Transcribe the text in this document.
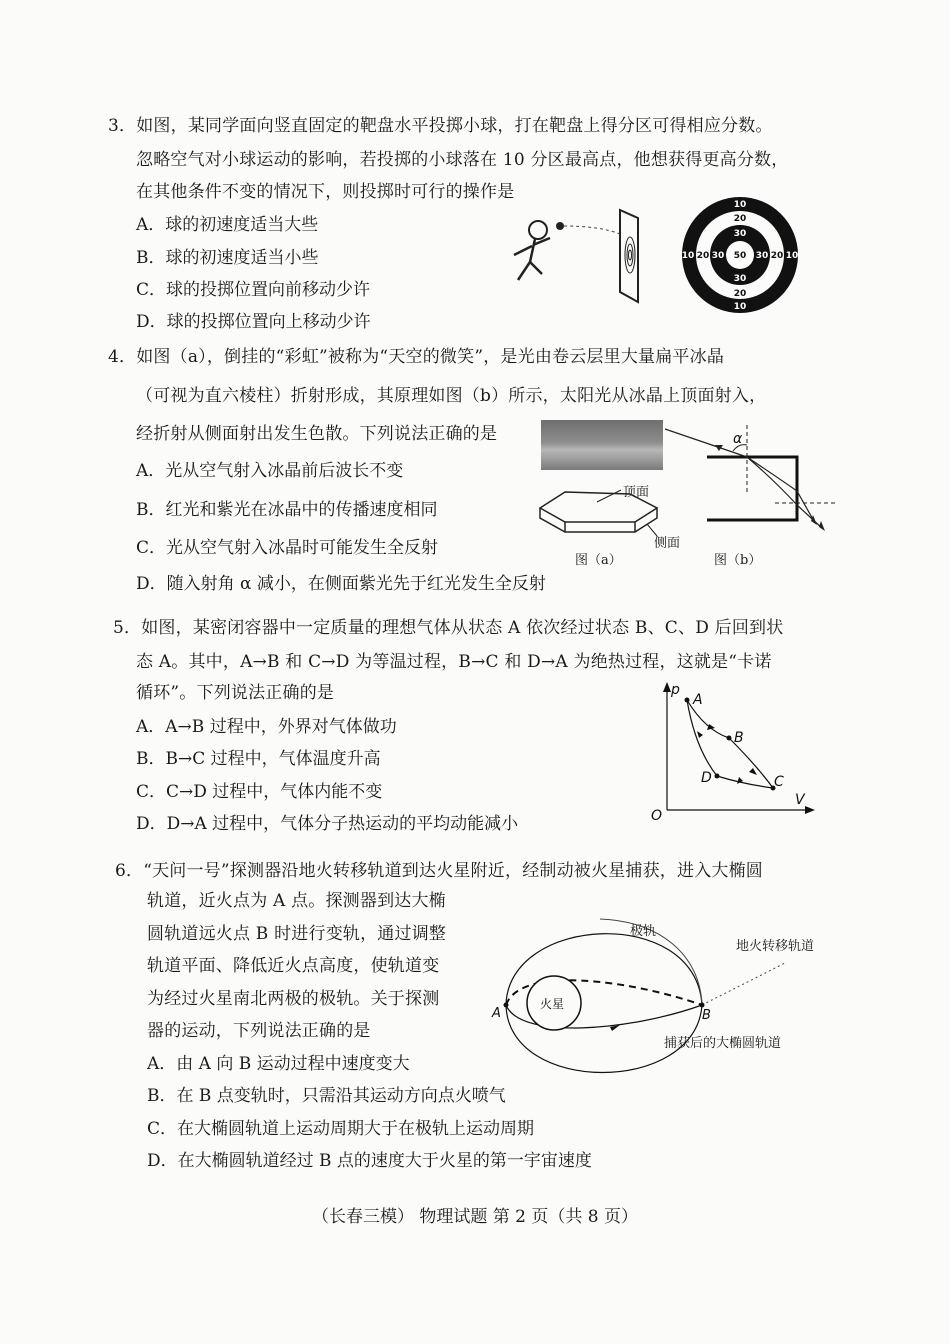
3．如图，某同学面向竖直固定的靶盘水平投掷小球，打在靶盘上得分区可得相应分数。
忽略空气对小球运动的影响，若投掷的小球落在 10 分区最高点，他想获得更高分数，
在其他条件不变的情况下，则投掷时可行的操作是
A．球的初速度适当大些
B．球的初速度适当小些
C．球的投掷位置向前移动少许
D．球的投掷位置向上移动少许
10
10
10	10
20
20
20	20
30
30
30	30
50
4．如图（a），倒挂的“彩虹”被称为“天空的微笑”，是光由卷云层里大量扁平冰晶
（可视为直六棱柱）折射形成，其原理如图（b）所示，太阳光从冰晶上顶面射入，
经折射从侧面射出发生色散。下列说法正确的是
A．光从空气射入冰晶前后波长不变
B．红光和紫光在冰晶中的传播速度相同
C．光从空气射入冰晶时可能发生全反射
D．随入射角 α 减小，在侧面紫光先于红光发生全反射
顶面
侧面
图（a）
α
图（b）
5．如图，某密闭容器中一定质量的理想气体从状态 A 依次经过状态 B、C、D 后回到状
态 A。其中，A→B 和 C→D 为等温过程，B→C 和 D→A 为绝热过程，这就是“卡诺
循环”。下列说法正确的是
A．A→B 过程中，外界对气体做功
B．B→C 过程中，气体温度升高
C．C→D 过程中，气体内能不变
D．D→A 过程中，气体分子热运动的平均动能减小
p
V
O
A
B
C
D
6．“天问一号”探测器沿地火转移轨道到达火星附近，经制动被火星捕获，进入大椭圆
轨道，近火点为 A 点。探测器到达大椭
圆轨道远火点 B 时进行变轨，通过调整
轨道平面、降低近火点高度，使轨道变
为经过火星南北两极的极轨。关于探测
器的运动，下列说法正确的是
A．由 A 向 B 运动过程中速度变大
B．在 B 点变轨时，只需沿其运动方向点火喷气
C．在大椭圆轨道上运动周期大于在极轨上运动周期
D．在大椭圆轨道经过 B 点的速度大于火星的第一宇宙速度
火星
A	B
极轨
地火转移轨道
捕获后的大椭圆轨道
（长春三模） 物理试题 第 2 页（共 8 页）
